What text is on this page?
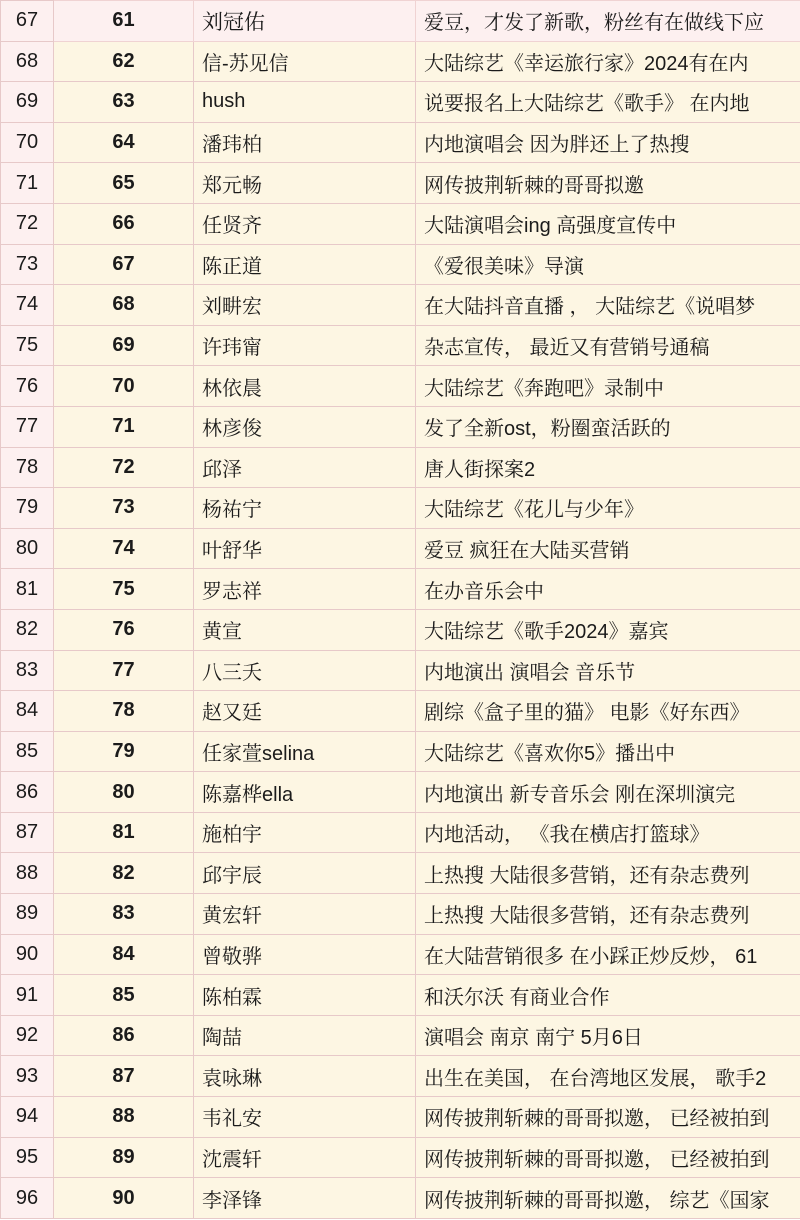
67	61	刘冠佑	爱豆，才发了新歌，粉丝有在做线下应
68	62	信-苏见信	大陆综艺《幸运旅行家》2024有在内
69	63	hush	说要报名上大陆综艺《歌手》 在内地
70	64	潘玮柏	内地演唱会 因为胖还上了热搜
71	65	郑元畅	网传披荆斩棘的哥哥拟邀
72	66	任贤齐	大陆演唱会ing 高强度宣传中
73	67	陈正道	《爱很美味》导演
74	68	刘畊宏	在大陆抖音直播 ， 大陆综艺《说唱梦
75	69	许玮甯	杂志宣传， 最近又有营销号通稿
76	70	林依晨	大陆综艺《奔跑吧》录制中
77	71	林彦俊	发了全新ost，粉圈蛮活跃的
78	72	邱泽	唐人街探案2
79	73	杨祐宁	大陆综艺《花儿与少年》
80	74	叶舒华	爱豆 疯狂在大陆买营销
81	75	罗志祥	在办音乐会中
82	76	黄宣	大陆综艺《歌手2024》嘉宾
83	77	八三夭	内地演出 演唱会 音乐节
84	78	赵又廷	剧综《盒子里的猫》 电影《好东西》
85	79	任家萱selina	大陆综艺《喜欢你5》播出中
86	80	陈嘉桦ella	内地演出 新专音乐会 刚在深圳演完
87	81	施柏宇	内地活动， 《我在横店打篮球》
88	82	邱宇辰	上热搜 大陆很多营销，还有杂志费列
89	83	黄宏轩	上热搜 大陆很多营销，还有杂志费列
90	84	曾敬骅	在大陆营销很多 在小踩正炒反炒， 61
91	85	陈柏霖	和沃尔沃 有商业合作
92	86	陶喆	演唱会 南京 南宁 5月6日
93	87	袁咏琳	出生在美国， 在台湾地区发展， 歌手2
94	88	韦礼安	网传披荆斩棘的哥哥拟邀， 已经被拍到
95	89	沈震轩	网传披荆斩棘的哥哥拟邀， 已经被拍到
96	90	李泽锋	网传披荆斩棘的哥哥拟邀， 综艺《国家
